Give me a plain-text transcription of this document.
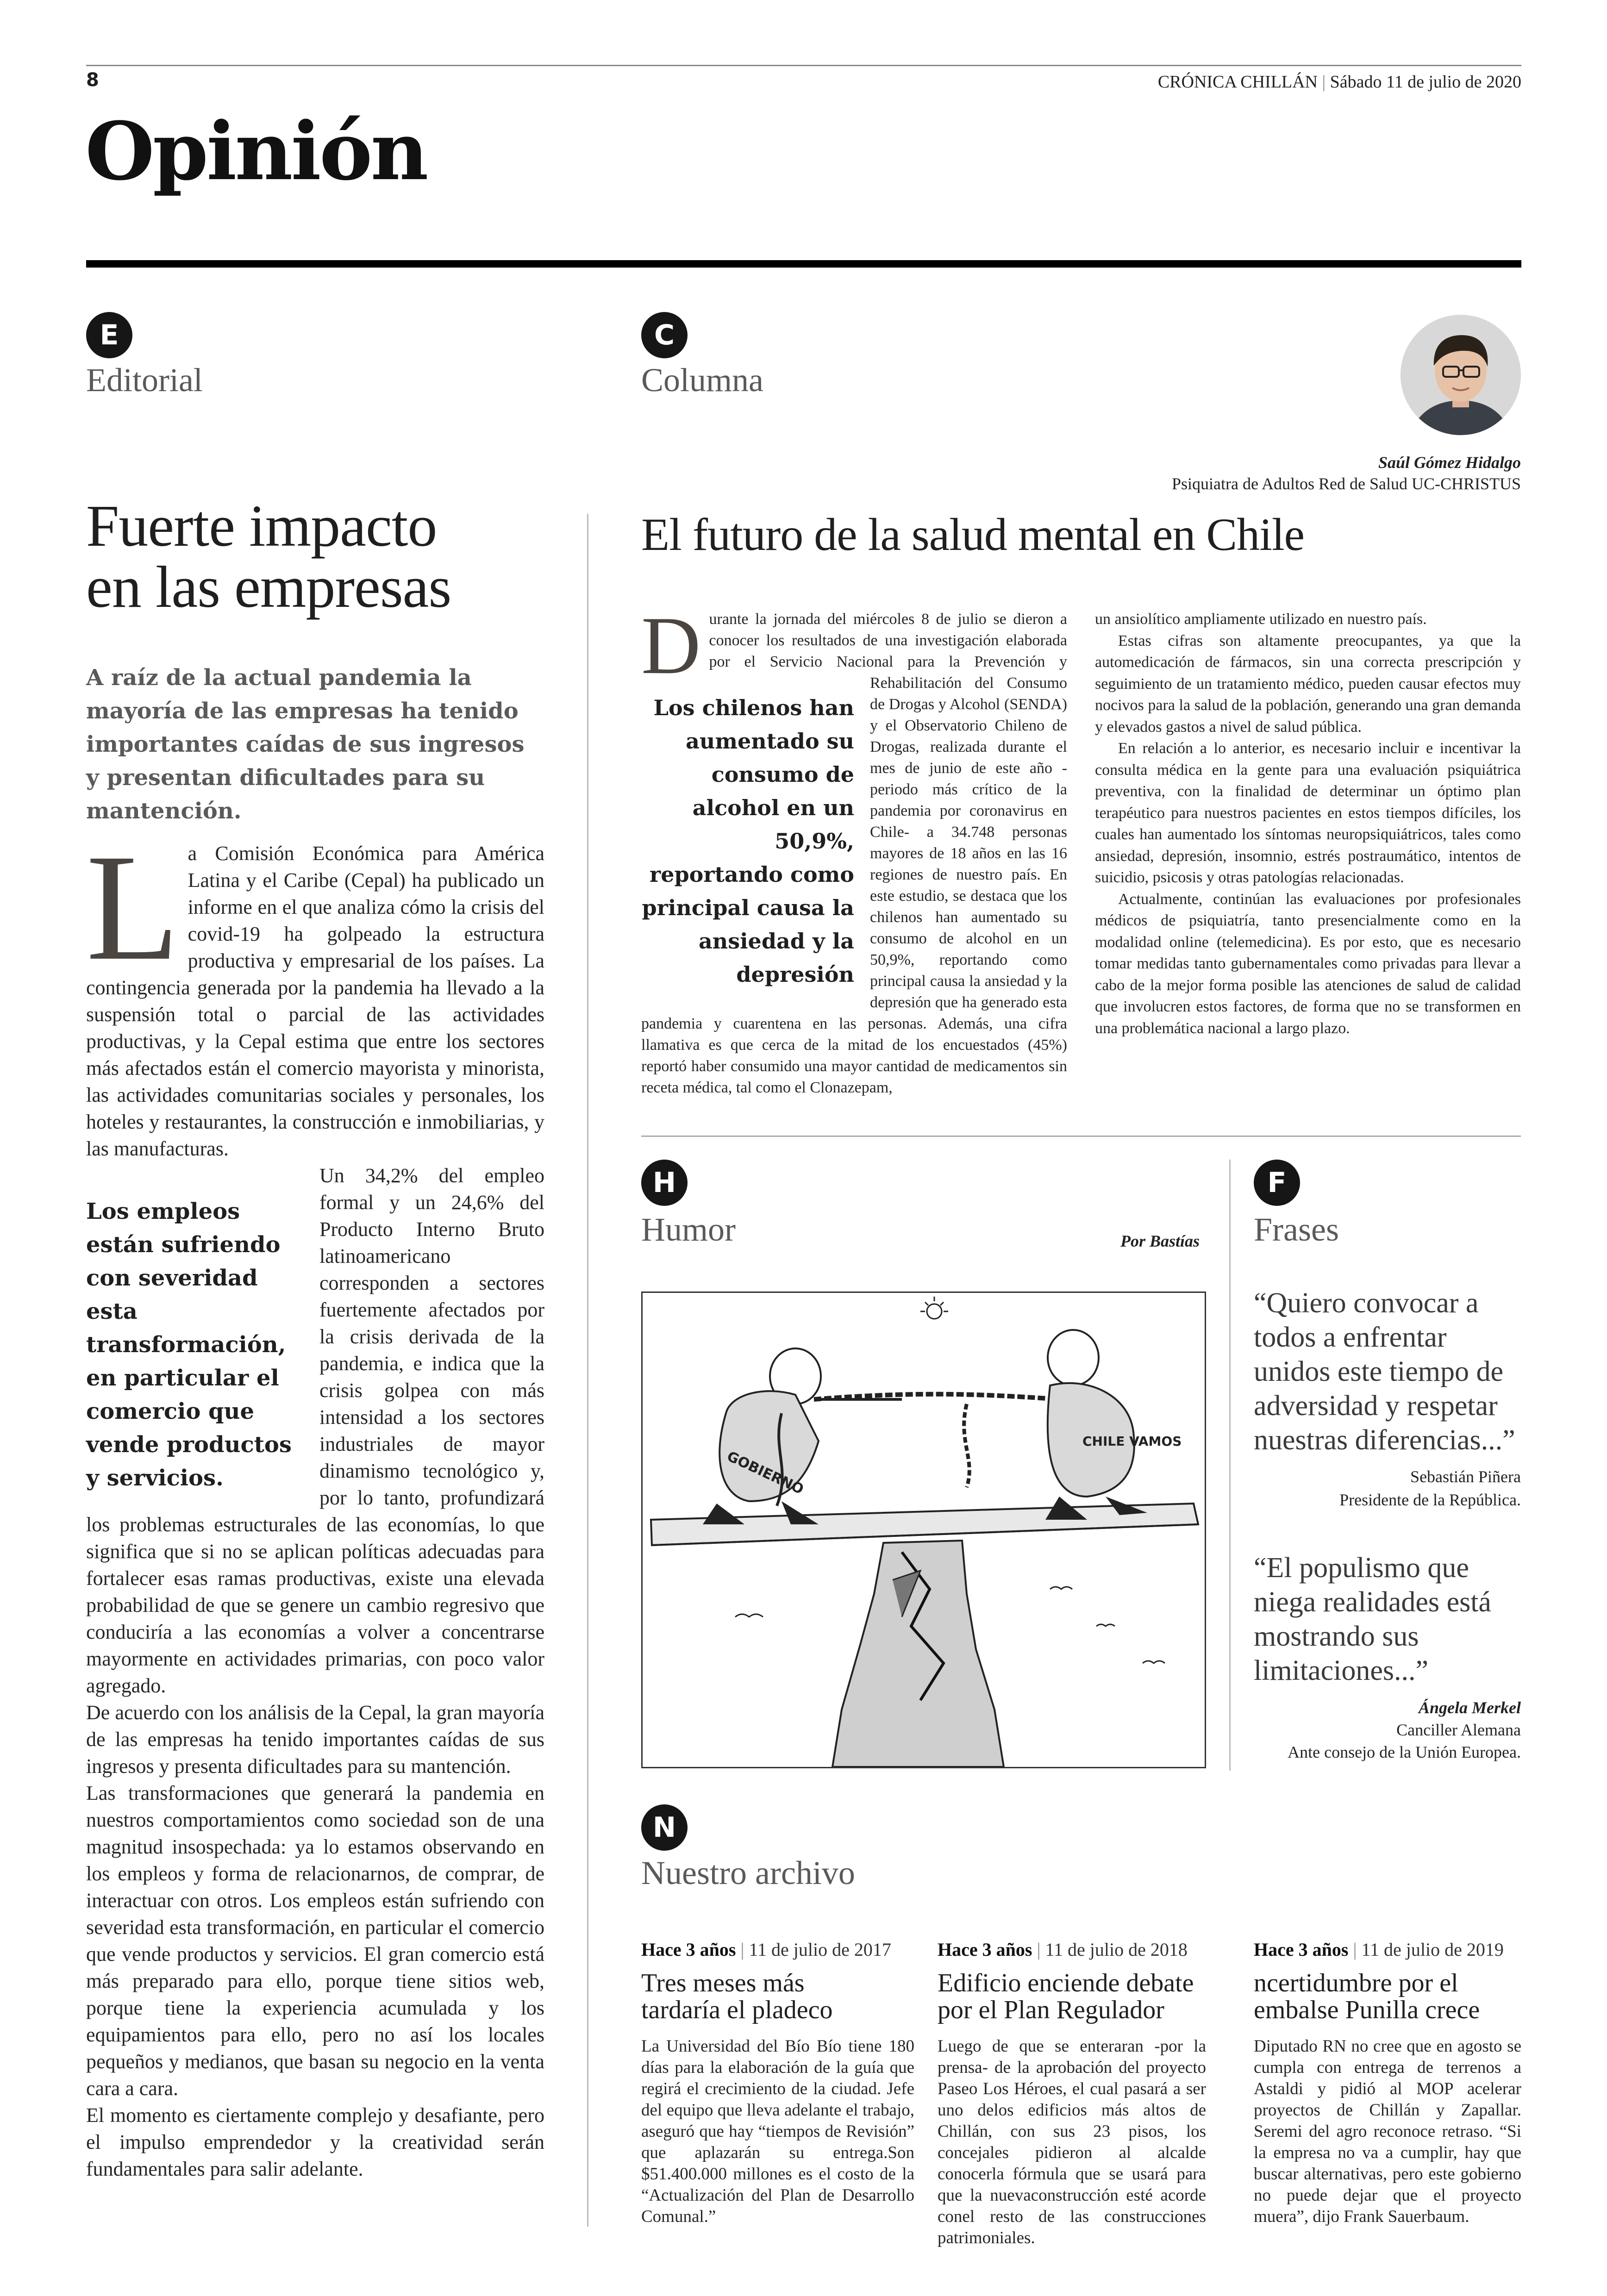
8	CRÓNICA CHILLÁN | Sábado 11 de julio de 2020
Opinión
E
Editorial
Fuerte impacto
en las empresas
A raíz de la actual pandemia la mayoría de las empresas ha tenido importantes caídas de sus ingresos y presentan dificultades para su mantención.
L a Comisión Económica para América Latina y el Caribe (Cepal) ha publicado un informe en el que analiza cómo la crisis del covid-19 ha golpeado la estructura productiva y empresarial de los países. La contingencia generada por la pandemia ha llevado a la suspensión total o parcial de las actividades productivas, y la Cepal estima que entre los sectores más afectados están el comercio mayorista y minorista, las actividades comunitarias sociales y personales, los hoteles y restaurantes, la construcción e inmobiliarias, y las manufacturas.

Los empleos están sufriendo con severidad esta transformación, en particular el comercio que vende productos y servicios.

Un 34,2% del empleo formal y un 24,6% del Producto Interno Bruto latinoamericano corresponden a sectores fuertemente afectados por la crisis derivada de la pandemia, e indica que la crisis golpea con más intensidad a los sectores industriales de mayor dinamismo tecnológico y, por lo tanto, profundizará los problemas estructurales de las economías, lo que significa que si no se aplican políticas adecuadas para fortalecer esas ramas productivas, existe una elevada probabilidad de que se genere un cambio regresivo que conduciría a las economías a volver a concentrarse mayormente en actividades primarias, con poco valor agregado.

De acuerdo con los análisis de la Cepal, la gran mayoría de las empresas ha tenido importantes caídas de sus ingresos y presenta dificultades para su mantención.

Las transformaciones que generará la pandemia en nuestros comportamientos como sociedad son de una magnitud insospechada: ya lo estamos observando en los empleos y forma de relacionarnos, de comprar, de interactuar con otros. Los empleos están sufriendo con severidad esta transformación, en particular el comercio que vende productos y servicios. El gran comercio está más preparado para ello, porque tiene sitios web, porque tiene la experiencia acumulada y los equipamientos para ello, pero no así los locales pequeños y medianos, que basan su negocio en la venta cara a cara.

El momento es ciertamente complejo y desafiante, pero el impulso emprendedor y la creatividad serán fundamentales para salir adelante.

C
Columna
Saúl Gómez Hidalgo
Psiquiatra de Adultos Red de Salud UC-CHRISTUS
El futuro de la salud mental en Chile
D
Los chilenos han aumentado su consumo de alcohol en un 50,9%, reportando como principal causa la ansiedad y la depresión

urante la jornada del miércoles 8 de julio se dieron a conocer los resultados de una investigación elaborada por el Servicio Nacional para la Prevención y Rehabilitación del Consumo de Drogas y Alcohol (SENDA) y el Observatorio Chileno de Drogas, realizada durante el mes de junio de este año -periodo más crítico de la pandemia por coronavirus en Chile- a 34.748 personas mayores de 18 años en las 16 regiones de nuestro país. En este estudio, se destaca que los chilenos han aumentado su consumo de alcohol en un 50,9%, reportando como principal causa la ansiedad y la depresión que ha generado esta pandemia y cuarentena en las personas. Además, una cifra llamativa es que cerca de la mitad de los encuestados (45%) reportó haber consumido una mayor cantidad de medicamentos sin receta médica, tal como el Clonazepam,

un ansiolítico ampliamente utilizado en nuestro país.

Estas cifras son altamente preocupantes, ya que la automedicación de fármacos, sin una correcta prescripción y seguimiento de un tratamiento médico, pueden causar efectos muy nocivos para la salud de la población, generando una gran demanda y elevados gastos a nivel de salud pública.

En relación a lo anterior, es necesario incluir e incentivar la consulta médica en la gente para una evaluación psiquiátrica preventiva, con la finalidad de determinar un óptimo plan terapéutico para nuestros pacientes en estos tiempos difíciles, los cuales han aumentado los síntomas neuropsiquiátricos, tales como ansiedad, depresión, insomnio, estrés postraumático, intentos de suicidio, psicosis y otras patologías relacionadas.

Actualmente, continúan las evaluaciones por profesionales médicos de psiquiatría, tanto presencialmente como en la modalidad online (telemedicina). Es por esto, que es necesario tomar medidas tanto gubernamentales como privadas para llevar a cabo de la mejor forma posible las atenciones de salud de calidad que involucren estos factores, de forma que no se transformen en una problemática nacional a largo plazo.

H
Humor	Por Bastías
GOBIERNO
CHILE VAMOS
F
Frases
“Quiero convocar a todos a enfrentar unidos este tiempo de adversidad y respetar nuestras diferencias...”
Sebastián Piñera
Presidente de la República.
“El populismo que niega realidades está mostrando sus limitaciones...”
Ángela Merkel
Canciller Alemana
Ante consejo de la Unión Europea.
N
Nuestro archivo
Hace 3 años | 11 de julio de 2017
Tres meses más tardaría el pladeco
La Universidad del Bío Bío tiene 180 días para la elaboración de la guía que regirá el crecimiento de la ciudad. Jefe del equipo que lleva adelante el trabajo, aseguró que hay “tiempos de Revisión” que aplazarán su entrega.Son $51.400.000 millones es el costo de la “Actualización del Plan de Desarrollo Comunal.”
Hace 3 años | 11 de julio de 2018
Edificio enciende debate por el Plan Regulador
Luego de que se enteraran -por la prensa- de la aprobación del proyecto Paseo Los Héroes, el cual pasará a ser uno delos edificios más altos de Chillán, con sus 23 pisos, los concejales pidieron al alcalde conocerla fórmula que se usará para que la nuevaconstrucción esté acorde conel resto de las construcciones patrimoniales.
Hace 3 años | 11 de julio de 2019
ncertidumbre por el embalse Punilla crece
Diputado RN no cree que en agosto se cumpla con entrega de terrenos a Astaldi y pidió al MOP acelerar proyectos de Chillán y Zapallar. Seremi del agro reconoce retraso. “Si la empresa no va a cumplir, hay que buscar alternativas, pero este gobierno no puede dejar que el proyecto muera”, dijo Frank Sauerbaum.
